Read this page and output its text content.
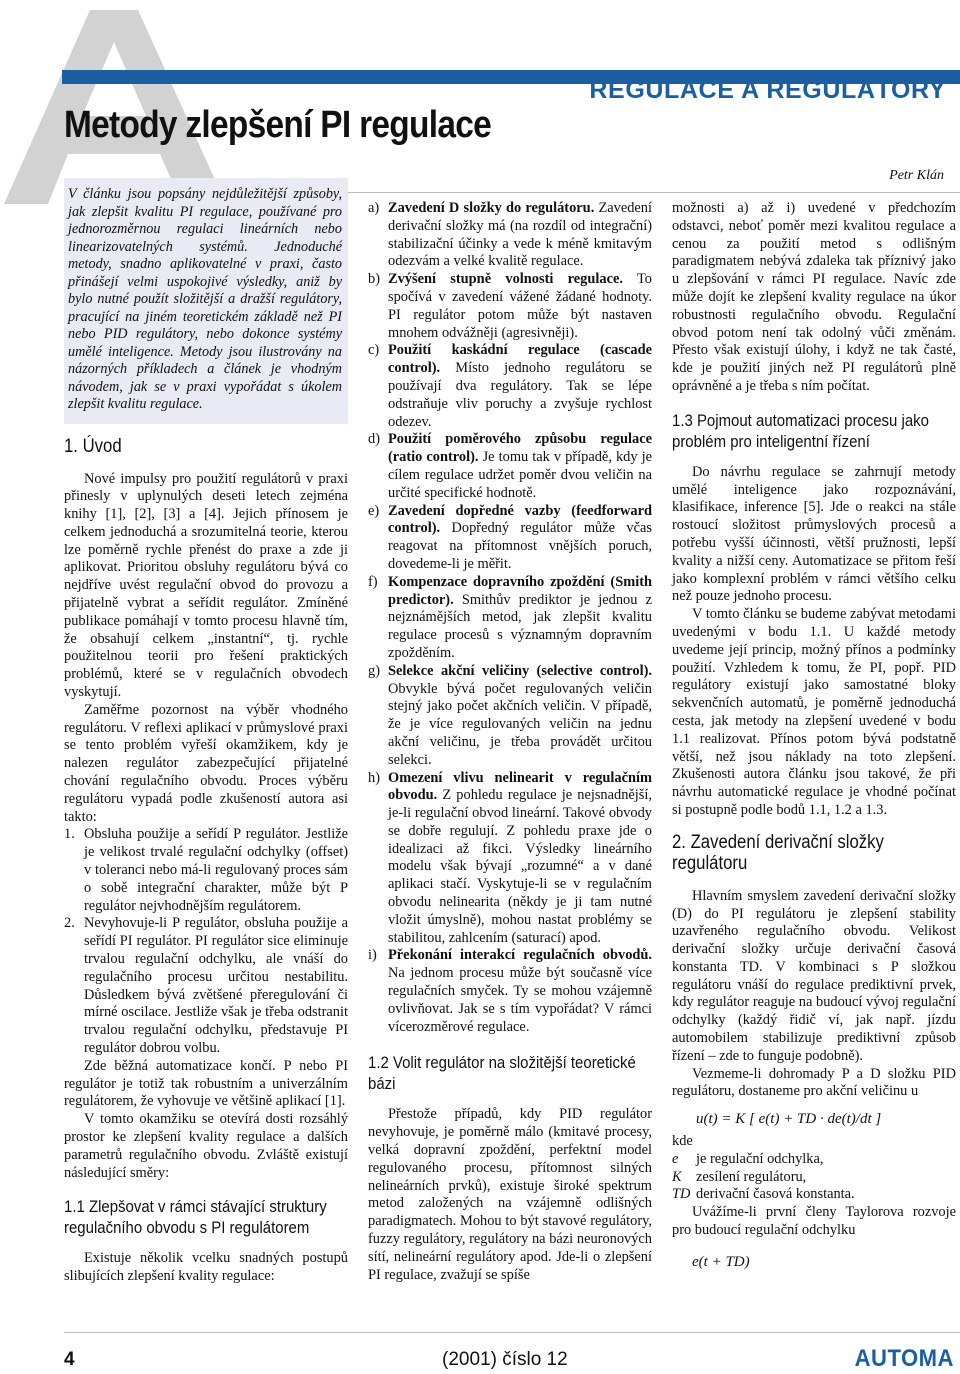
REGULACE A REGULÁTORY
Metody zlepšení PI regulace
Petr Klán

V článku jsou popsány nejdůležitější způsoby, jak zlepšit kvalitu PI regulace, používané pro jednorozměrnou regulaci lineárních nebo linearizovatelných systémů. Jednoduché metody, snadno aplikovatelné v praxi, často přinášejí velmi uspokojivé výsledky, aniž by bylo nutné použít složitější a dražší regulátory, pracující na jiném teoretickém základě než PI nebo PID regulátory, nebo dokonce systémy umělé inteligence. Metody jsou ilustrovány na názorných příkladech a článek je vhodným návodem, jak se v praxi vypořádat s úkolem zlepšit kvalitu regulace.

1. Úvod

Nové impulsy pro použití regulátorů v praxi přinesly v uplynulých deseti letech zejména knihy [1], [2], [3] a [4]. Jejich přínosem je celkem jednoduchá a srozumitelná teorie, kterou lze poměrně rychle přenést do praxe a zde ji aplikovat. Prioritou obsluhy regulátoru bývá co nejdříve uvést regulační obvod do provozu a přijatelně vybrat a seřídit regulátor. Zmíněné publikace pomáhají v tomto procesu hlavně tím, že obsahují celkem „instantní“, tj. rychle použitelnou teorii pro řešení praktických problémů, které se v regulačních obvodech vyskytují.

Zaměřme pozornost na výběr vhodného regulátoru. V reflexi aplikací v průmyslové praxi se tento problém vyřeší okamžikem, kdy je nalezen regulátor zabezpečující přijatelné chování regulačního obvodu. Proces výběru regulátoru vypadá podle zkušeností autora asi takto:

1. Obsluha použije a seřídí P regulátor. Jestliže je velikost trvalé regulační odchylky (offset) v toleranci nebo má-li regulovaný proces sám o sobě integrační charakter, může být P regulátor nejvhodnějším regulátorem.
2. Nevyhovuje-li P regulátor, obsluha použije a seřídí PI regulátor. PI regulátor sice eliminuje trvalou regulační odchylku, ale vnáší do regulačního procesu určitou nestabilitu. Důsledkem bývá zvětšené přeregulování či mírné oscilace. Jestliže však je třeba odstranit trvalou regulační odchylku, představuje PI regulátor dobrou volbu.

Zde běžná automatizace končí. P nebo PI regulátor je totiž tak robustním a univerzálním regulátorem, že vyhovuje ve většině aplikací [1].

V tomto okamžiku se otevírá dosti rozsáhlý prostor ke zlepšení kvality regulace a dalších parametrů regulačního obvodu. Zvláště existují následující směry:

1.1 Zlepšovat v rámci stávající struktury regulačního obvodu s PI regulátorem

Existuje několik vcelku snadných postupů slibujících zlepšení kvality regulace:

a) Zavedení D složky do regulátoru. Zavedení derivační složky má (na rozdíl od integrační) stabilizační účinky a vede k méně kmitavým odezvám a velké kvalitě regulace.
b) Zvýšení stupně volnosti regulace. To spočívá v zavedení vážené žádané hodnoty. PI regulátor potom může být nastaven mnohem odvážněji (agresivněji).
c) Použití kaskádní regulace (cascade control). Místo jednoho regulátoru se používají dva regulátory. Tak se lépe odstraňuje vliv poruchy a zvyšuje rychlost odezev.
d) Použití poměrového způsobu regulace (ratio control). Je tomu tak v případě, kdy je cílem regulace udržet poměr dvou veličin na určité specifické hodnotě.
e) Zavedení dopředné vazby (feedforward control). Dopředný regulátor může včas reagovat na přítomnost vnějších poruch, dovedeme-li je měřit.
f) Kompenzace dopravního zpoždění (Smith predictor). Smithův prediktor je jednou z nejznámějších metod, jak zlepšit kvalitu regulace procesů s významným dopravním zpožděním.
g) Selekce akční veličiny (selective control). Obvykle bývá počet regulovaných veličin stejný jako počet akčních veličin. V případě, že je více regulovaných veličin na jednu akční veličinu, je třeba provádět určitou selekci.
h) Omezení vlivu nelinearit v regulačním obvodu. Z pohledu regulace je nejsnadnější, je-li regulační obvod lineární. Takové obvody se dobře regulují. Z pohledu praxe jde o idealizaci až fikci. Výsledky lineárního modelu však bývají „rozumné“ a v dané aplikaci stačí. Vyskytuje-li se v regulačním obvodu nelinearita (někdy je ji tam nutné vložit úmyslně), mohou nastat problémy se stabilitou, zahlcením (saturací) apod.
i) Překonání interakcí regulačních obvodů. Na jednom procesu může být současně více regulačních smyček. Ty se mohou vzájemně ovlivňovat. Jak se s tím vypořádat? V rámci vícerozměrové regulace.
1.2 Volit regulátor na složitější teoretické bázi

Přestože případů, kdy PID regulátor nevyhovuje, je poměrně málo (kmitavé procesy, velká dopravní zpoždění, perfektní model regulovaného procesu, přítomnost silných nelineárních prvků), existuje široké spektrum metod založených na vzájemně odlišných paradigmatech. Mohou to být stavové regulátory, fuzzy regulátory, regulátory na bázi neuronových sítí, nelineární regulátory apod. Jde-li o zlepšení PI regulace, zvažují se spíše

možnosti a) až i) uvedené v předchozím odstavci, neboť poměr mezi kvalitou regulace a cenou za použití metod s odlišným paradigmatem nebývá zdaleka tak příznivý jako u zlepšování v rámci PI regulace. Navíc zde může dojít ke zlepšení kvality regulace na úkor robustnosti regulačního obvodu. Regulační obvod potom není tak odolný vůči změnám. Přesto však existují úlohy, i když ne tak časté, kde je použití jiných než PI regulátorů plně oprávněné a je třeba s ním počítat.

1.3 Pojmout automatizaci procesu jako problém pro inteligentní řízení

Do návrhu regulace se zahrnují metody umělé inteligence jako rozpoznávání, klasifikace, inference [5]. Jde o reakci na stále rostoucí složitost průmyslových procesů a potřebu vyšší účinnosti, větší pružnosti, lepší kvality a nižší ceny. Automatizace se přitom řeší jako komplexní problém v rámci většího celku než pouze jednoho procesu.

V tomto článku se budeme zabývat metodami uvedenými v bodu 1.1. U každé metody uvedeme její princip, možný přínos a podmínky použití. Vzhledem k tomu, že PI, popř. PID regulátory existují jako samostatné bloky sekvenčních automatů, je poměrně jednoduchá cesta, jak metody na zlepšení uvedené v bodu 1.1 realizovat. Přínos potom bývá podstatně větší, než jsou náklady na toto zlepšení. Zkušenosti autora článku jsou takové, že při návrhu automatické regulace je vhodné počínat si postupně podle bodů 1.1, 1.2 a 1.3.

2. Zavedení derivační složky regulátoru

Hlavním smyslem zavedení derivační složky (D) do PI regulátoru je zlepšení stability uzavřeného regulačního obvodu. Velikost derivační složky určuje derivační časová konstanta TD. V kombinaci s P složkou regulátoru vnáší do regulace prediktivní prvek, kdy regulátor reaguje na budoucí vývoj regulační odchylky (každý řidič ví, jak např. jízdu automobilem stabilizuje prediktivní způsob řízení – zde to funguje podobně).

Vezmeme-li dohromady P a D složku PID regulátoru, dostaneme pro akční veličinu u

u(t) = K [ e(t) + TD · de(t)/dt ]

kde

e	je regulační odchylka,
K zesílení regulátoru,
TD derivační časová konstanta.

Uvážíme-li první členy Taylorova rozvoje pro budoucí regulační odchylku

e(t + TD)
4	(2001) číslo 12	AUTOMA
